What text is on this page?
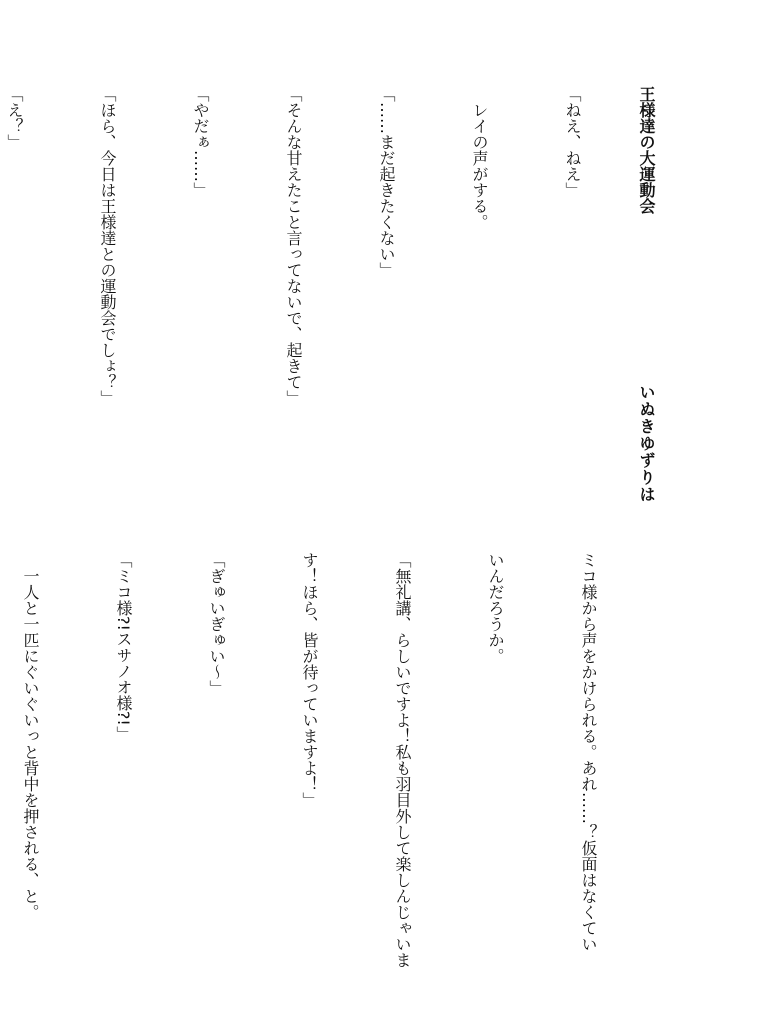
王様達の大運動会
いぬきゆずりは

「ねえ、ねえ」

　レイの声がする。

「……まだ起きたくない」

「そんな甘えたこと言ってないで、起きて」

「やだぁ……」

「ほら、今日は王様達との運動会でしょ？」

「え？」

ミコ様から声をかけられる。あれ……？仮面はなくてい

いんだろうか。

「無礼講、らしいですよ！私も羽目外して楽しんじゃいま

す！ほら、皆が待っていますよ！」

「ぎゅいぎゅい～」

「ミコ様?!スサノオ様?!」

　一人と一匹にぐいぐいっと背中を押される、と。
